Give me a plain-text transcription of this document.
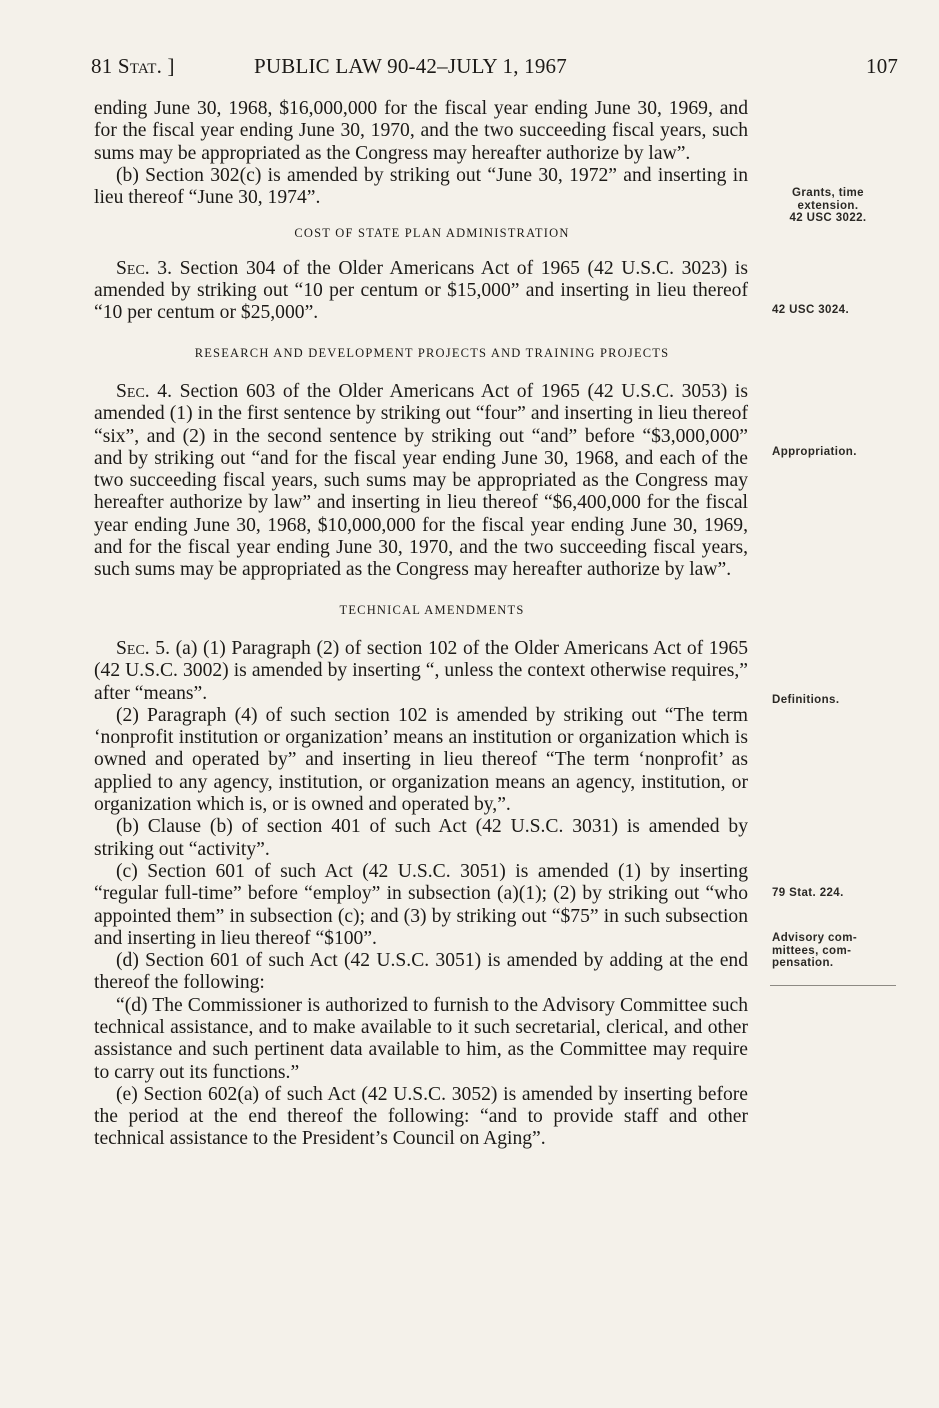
81 Stat. ]	PUBLIC LAW 90-42–JULY 1, 1967	107

ending June 30, 1968, $16,000,000 for the fiscal year ending June 30, 1969, and for the fiscal year ending June 30, 1970, and the two succeeding fiscal years, such sums may be appropriated as the Congress may hereafter authorize by law”.

(b) Section 302(c) is amended by striking out “June 30, 1972” and inserting in lieu thereof “June 30, 1974”.

COST OF STATE PLAN ADMINISTRATION

Sec. 3. Section 304 of the Older Americans Act of 1965 (42 U.S.C. 3023) is amended by striking out “10 per centum or $15,000” and inserting in lieu thereof “10 per centum or $25,000”.

RESEARCH AND DEVELOPMENT PROJECTS AND TRAINING PROJECTS

Sec. 4. Section 603 of the Older Americans Act of 1965 (42 U.S.C. 3053) is amended (1) in the first sentence by striking out “four” and inserting in lieu thereof “six”, and (2) in the second sentence by striking out “and” before “$3,000,000” and by striking out “and for the fiscal year ending June 30, 1968, and each of the two succeeding fiscal years, such sums may be appropriated as the Congress may hereafter authorize by law” and inserting in lieu thereof “$6,400,000 for the fiscal year ending June 30, 1968, $10,000,000 for the fiscal year ending June 30, 1969, and for the fiscal year ending June 30, 1970, and the two succeeding fiscal years, such sums may be appropriated as the Congress may hereafter authorize by law”.

TECHNICAL AMENDMENTS

Sec. 5. (a) (1) Paragraph (2) of section 102 of the Older Americans Act of 1965 (42 U.S.C. 3002) is amended by inserting “, unless the context otherwise requires,” after “means”.

(2) Paragraph (4) of such section 102 is amended by striking out “The term ‘nonprofit institution or organization’ means an institution or organization which is owned and operated by” and inserting in lieu thereof “The term ‘nonprofit’ as applied to any agency, institution, or organization means an agency, institution, or organization which is, or is owned and operated by,”.

(b) Clause (b) of section 401 of such Act (42 U.S.C. 3031) is amended by striking out “activity”.

(c) Section 601 of such Act (42 U.S.C. 3051) is amended (1) by inserting “regular full-time” before “employ” in subsection (a)(1); (2) by striking out “who appointed them” in subsection (c); and (3) by striking out “$75” in such subsection and inserting in lieu thereof “$100”.

(d) Section 601 of such Act (42 U.S.C. 3051) is amended by adding at the end thereof the following:

“(d) The Commissioner is authorized to furnish to the Advisory Committee such technical assistance, and to make available to it such secretarial, clerical, and other assistance and such pertinent data available to him, as the Committee may require to carry out its functions.”

(e) Section 602(a) of such Act (42 U.S.C. 3052) is amended by inserting before the period at the end thereof the following: “and to provide staff and other technical assistance to the President’s Council on Aging”.

Grants, time
extension.
42 USC 3022.
42 USC 3024.
Appropriation.
Definitions.
79 Stat. 224.
Advisory com-
mittees, com-
pensation.
